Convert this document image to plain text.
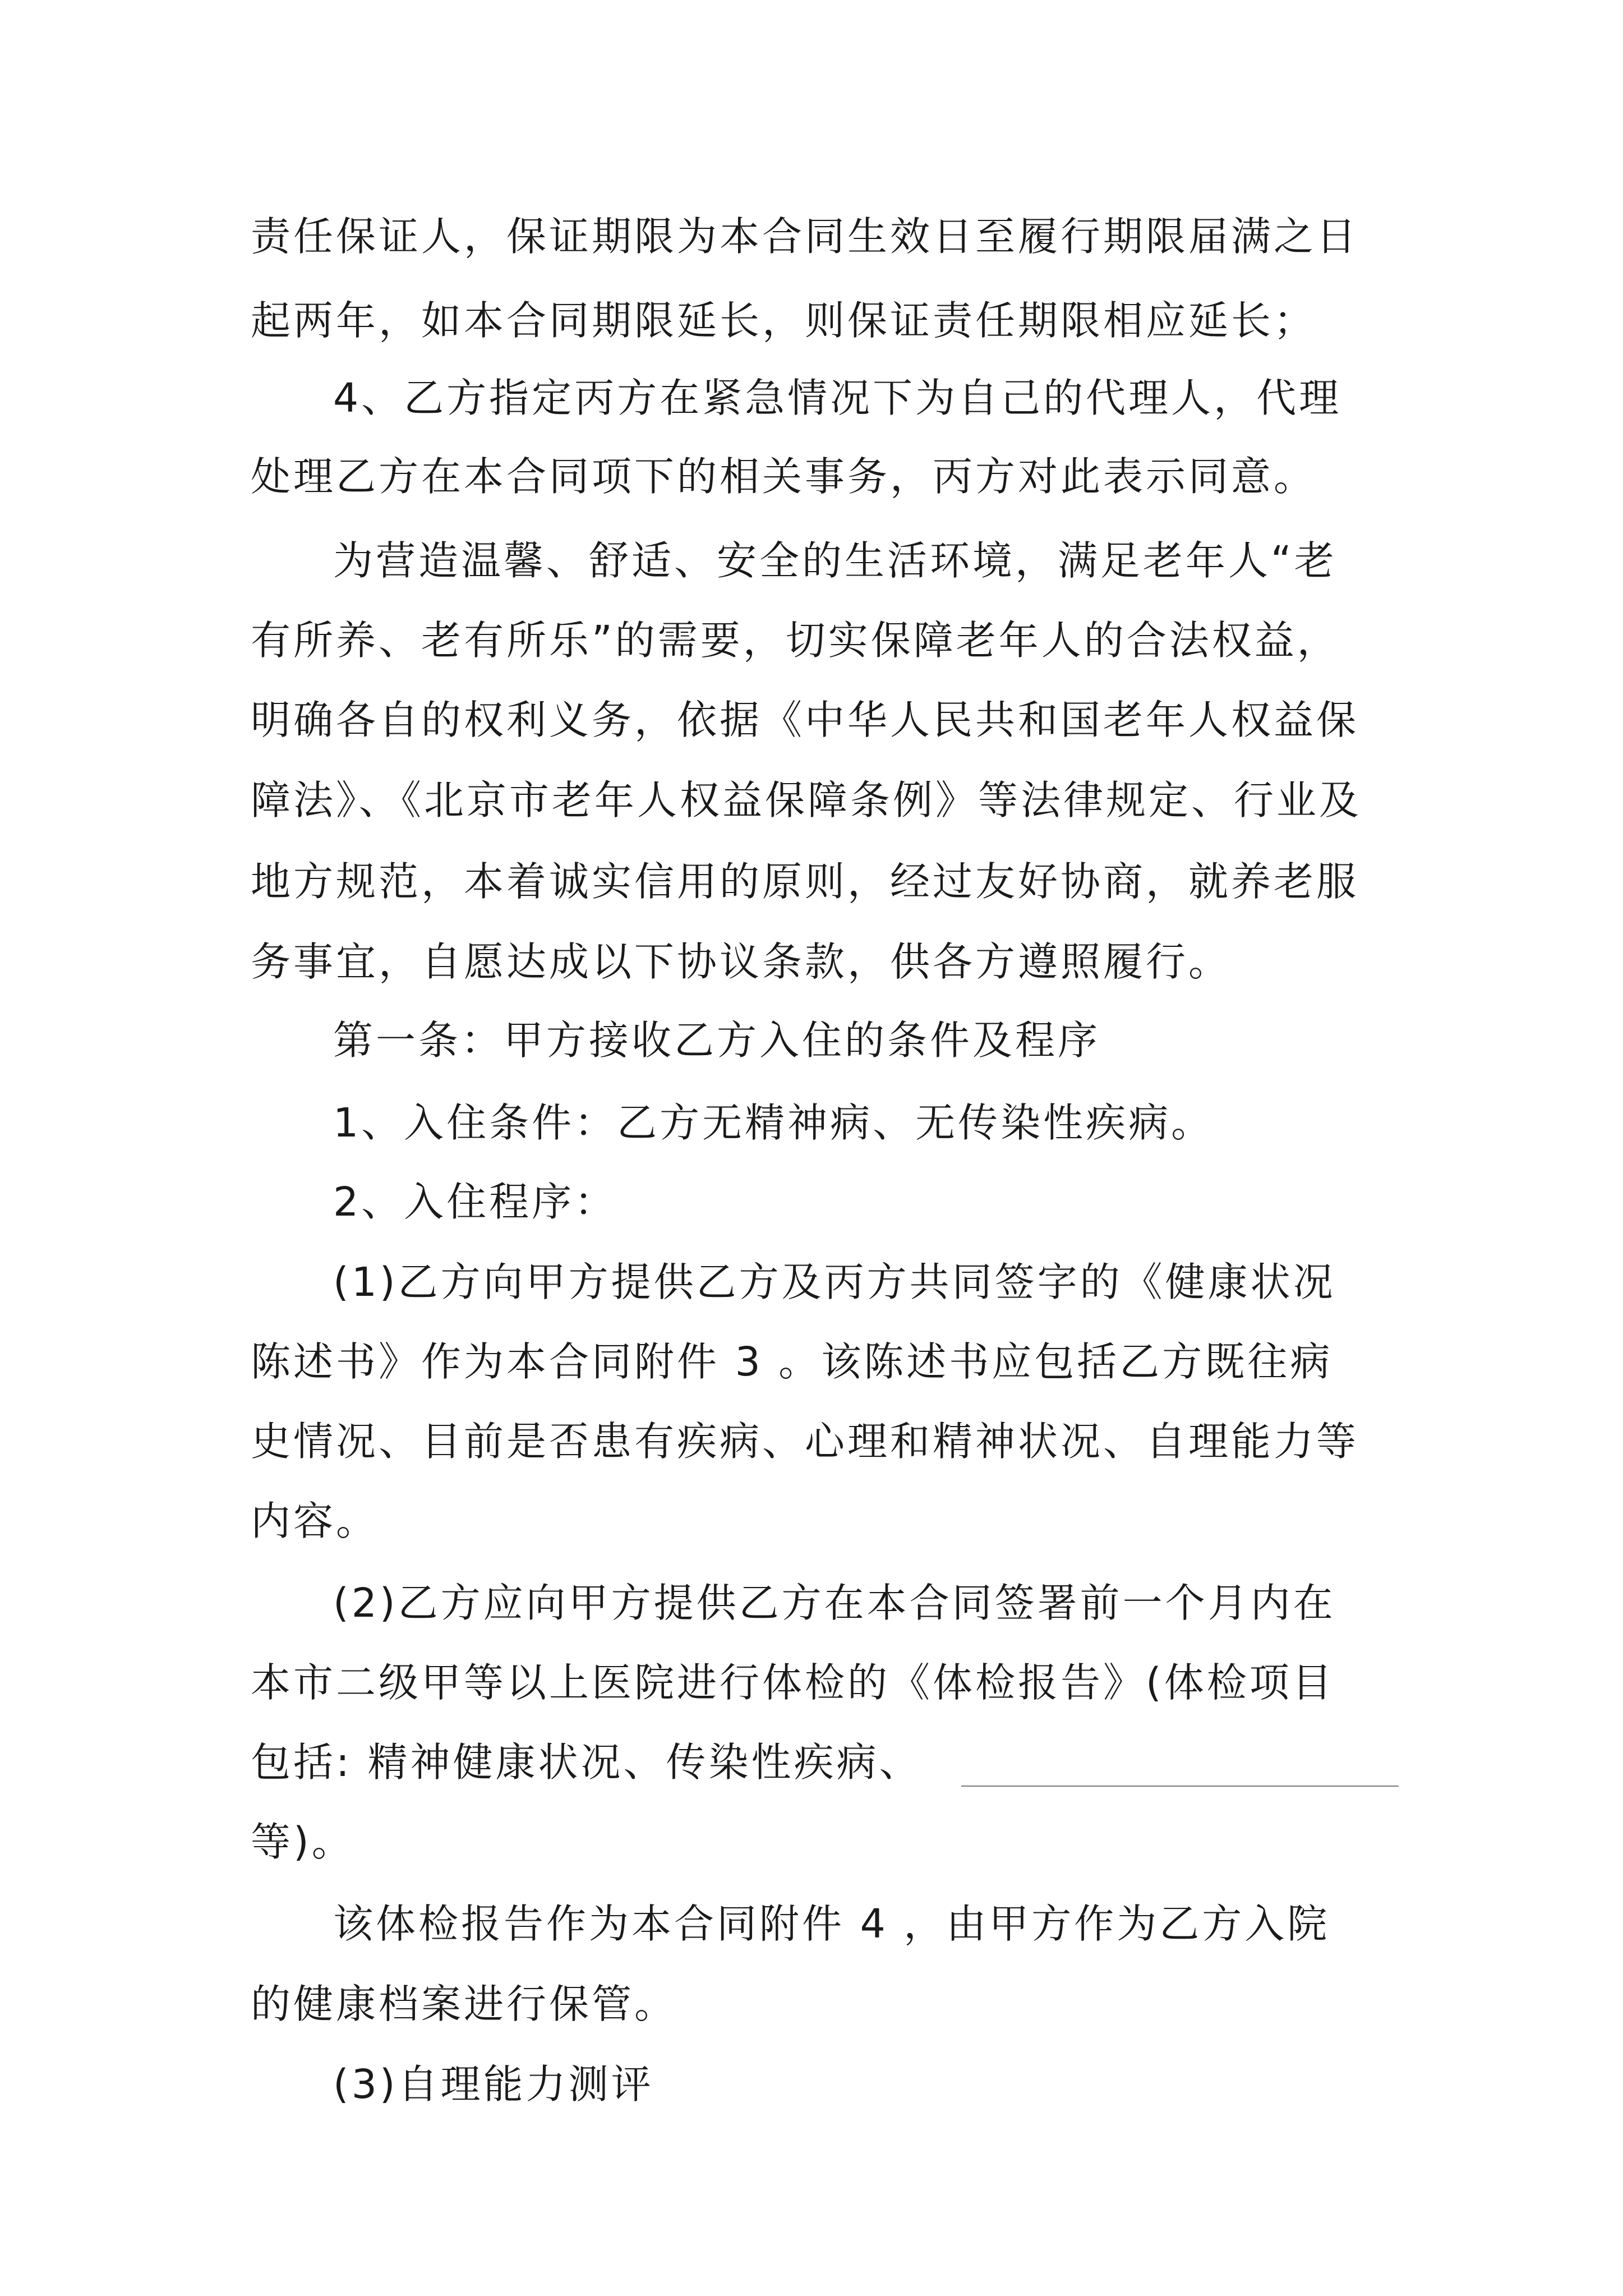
责任保证人，保证期限为本合同生效日至履行期限届满之日
起两年，如本合同期限延长，则保证责任期限相应延长；
4、乙方指定丙方在紧急情况下为自己的代理人，代理
处理乙方在本合同项下的相关事务，丙方对此表示同意。
为营造温馨、舒适、安全的生活环境，满足老年人“老
有所养、老有所乐”的需要，切实保障老年人的合法权益，
明确各自的权利义务，依据《中华人民共和国老年人权益保
障法》、《北京市老年人权益保障条例》等法律规定、行业及
地方规范，本着诚实信用的原则，经过友好协商，就养老服
务事宜，自愿达成以下协议条款，供各方遵照履行。
第一条：甲方接收乙方入住的条件及程序
1、入住条件：乙方无精神病、无传染性疾病。
2、入住程序：
(1)乙方向甲方提供乙方及丙方共同签字的《健康状况
陈述书》作为本合同附件 3 。该陈述书应包括乙方既往病
史情况、目前是否患有疾病、心理和精神状况、自理能力等
内容。
(2)乙方应向甲方提供乙方在本合同签署前一个月内在
本市二级甲等以上医院进行体检的《体检报告》(体检项目
包括: 精神健康状况、传染性疾病、
等)。
该体检报告作为本合同附件 4 ，由甲方作为乙方入院
的健康档案进行保管。
(3)自理能力测评
